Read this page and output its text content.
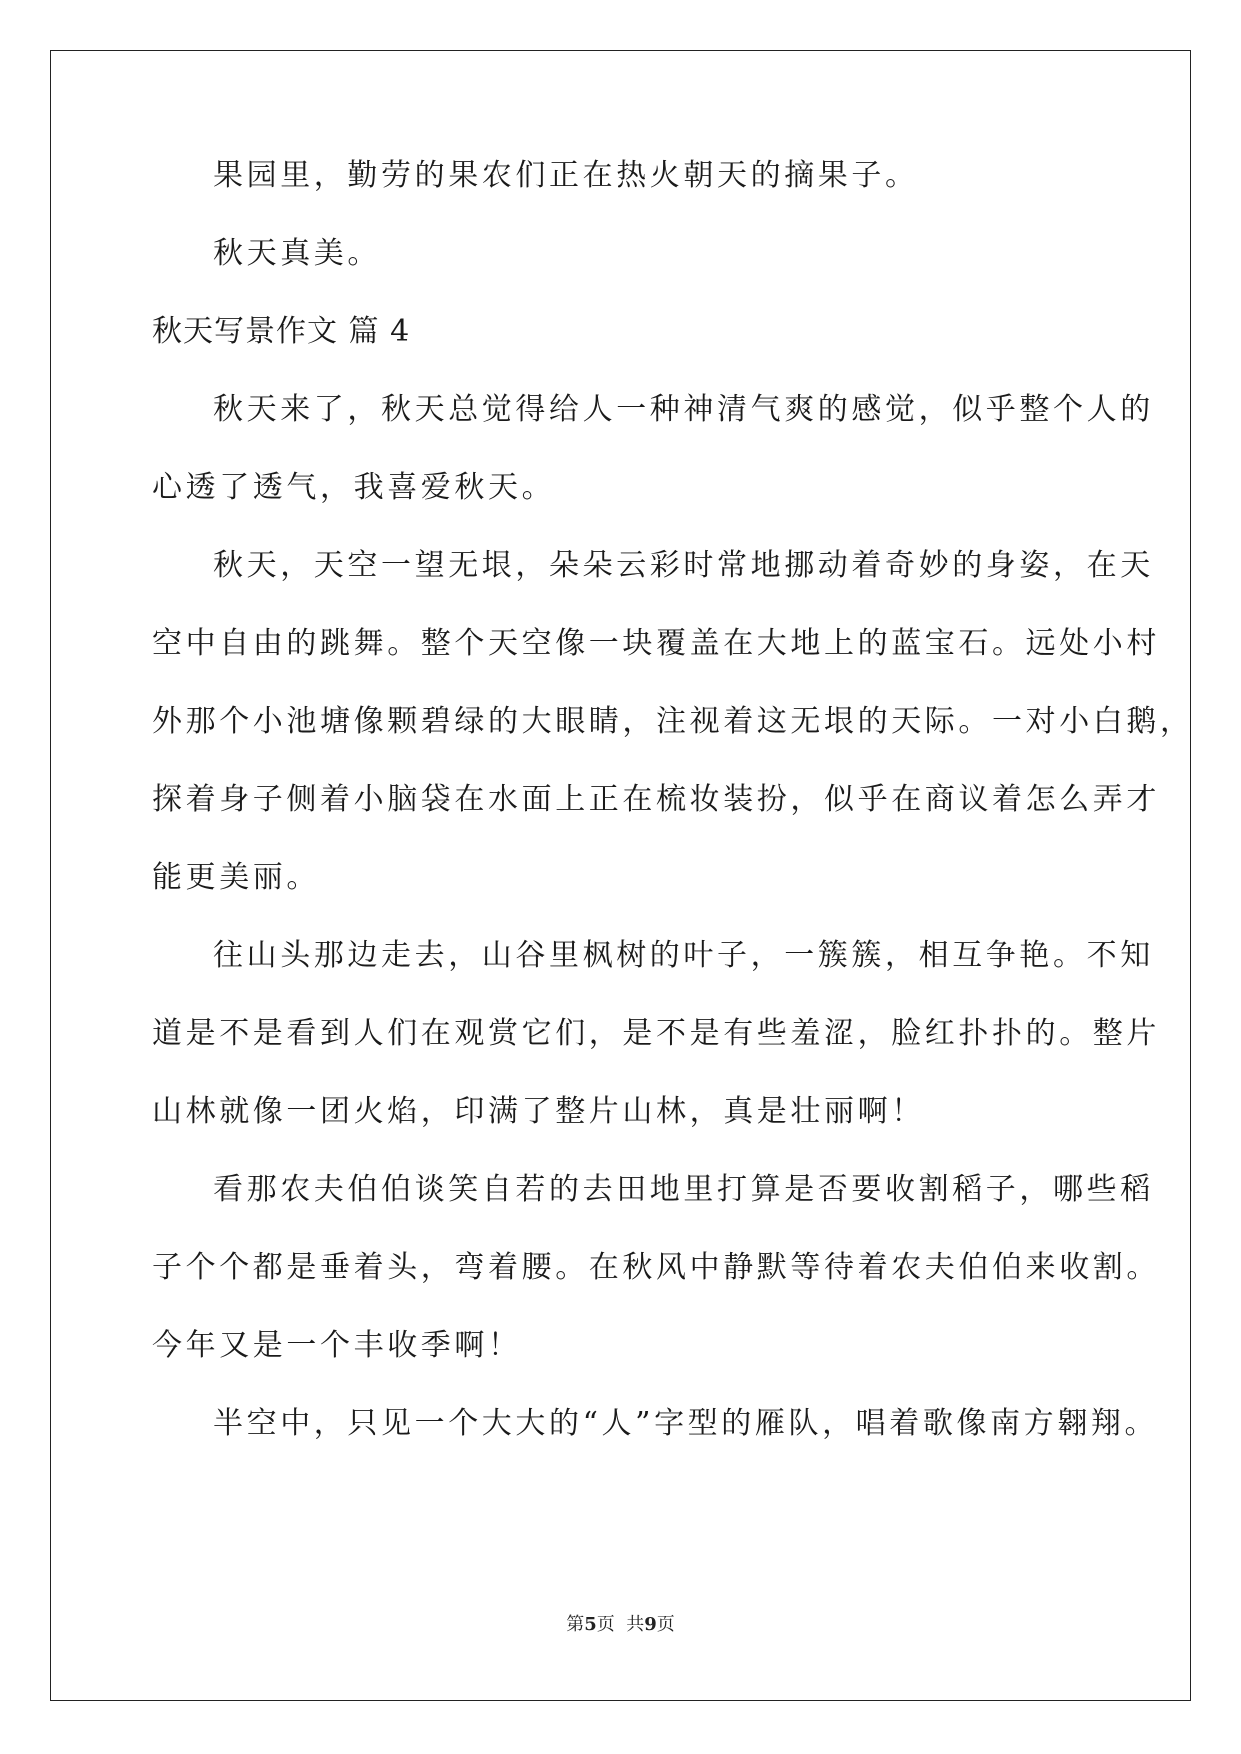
果园里，勤劳的果农们正在热火朝天的摘果子。
秋天真美。
秋天写景作文 篇 4
秋天来了，秋天总觉得给人一种神清气爽的感觉，似乎整个人的
心透了透气，我喜爱秋天。
秋天，天空一望无垠，朵朵云彩时常地挪动着奇妙的身姿，在天
空中自由的跳舞。整个天空像一块覆盖在大地上的蓝宝石。远处小村
外那个小池塘像颗碧绿的大眼睛，注视着这无垠的天际。一对小白鹅，
探着身子侧着小脑袋在水面上正在梳妆装扮，似乎在商议着怎么弄才
能更美丽。
往山头那边走去，山谷里枫树的叶子，一簇簇，相互争艳。不知
道是不是看到人们在观赏它们，是不是有些羞涩，脸红扑扑的。整片
山林就像一团火焰，印满了整片山林，真是壮丽啊！
看那农夫伯伯谈笑自若的去田地里打算是否要收割稻子，哪些稻
子个个都是垂着头，弯着腰。在秋风中静默等待着农夫伯伯来收割。
今年又是一个丰收季啊！
半空中，只见一个大大的“人”字型的雁队，唱着歌像南方翱翔。
第5页  共9页
